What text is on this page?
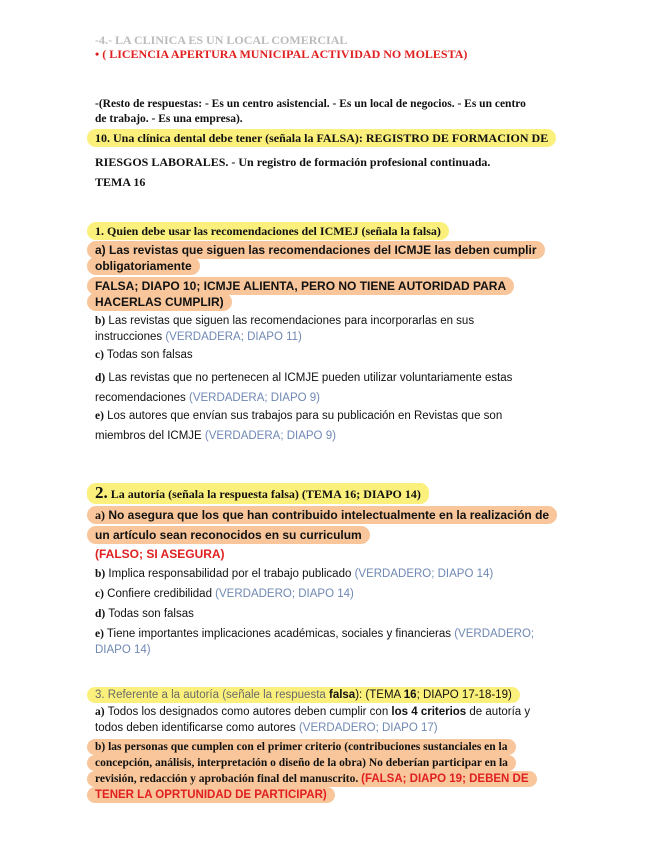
-4.- LA CLINICA ES UN LOCAL COMERCIAL
• ( LICENCIA APERTURA MUNICIPAL ACTIVIDAD NO MOLESTA)
-(Resto de respuestas: - Es un centro asistencial. - Es un local de negocios. - Es un centro
de trabajo. - Es una empresa).
10. Una clínica dental debe tener (señala la FALSA): REGISTRO DE FORMACION DE
RIESGOS LABORALES. - Un registro de formación profesional continuada.
TEMA 16
1. Quien debe usar las recomendaciones del ICMEJ (señala la falsa)
a) Las revistas que siguen las recomendaciones del ICMJE las deben cumplir
obligatoriamente
FALSA; DIAPO 10; ICMJE ALIENTA, PERO NO TIENE AUTORIDAD PARA
HACERLAS CUMPLIR)
b) Las revistas que siguen las recomendaciones para incorporarlas en sus
instrucciones (VERDADERA; DIAPO 11)
c) Todas son falsas
d) Las revistas que no pertenecen al ICMJE pueden utilizar voluntariamente estas
recomendaciones (VERDADERA; DIAPO 9)
e) Los autores que envían sus trabajos para su publicación en Revistas que son
miembros del ICMJE (VERDADERA; DIAPO 9)
2. La autoría (señala la respuesta falsa) (TEMA 16; DIAPO 14)
a) No asegura que los que han contribuido intelectualmente en la realización de
un artículo sean reconocidos en su curriculum
(FALSO; SI ASEGURA)
b) Implica responsabilidad por el trabajo publicado (VERDADERO; DIAPO 14)
c) Confiere credibilidad (VERDADERO; DIAPO 14)
d) Todas son falsas
e) Tiene importantes implicaciones académicas, sociales y financieras (VERDADERO;
DIAPO 14)
3. Referente a la autoría (señale la respuesta falsa): (TEMA 16; DIAPO 17-18-19)
a) Todos los designados como autores deben cumplir con los 4 criterios de autoría y
todos deben identificarse como autores (VERDADERO; DIAPO 17)
b) las personas que cumplen con el primer criterio (contribuciones sustanciales en la
concepción, análisis, interpretación o diseño de la obra) No deberían participar en la
revisión, redacción y aprobación final del manuscrito. (FALSA; DIAPO 19; DEBEN DE
TENER LA OPRTUNIDAD DE PARTICIPAR)
